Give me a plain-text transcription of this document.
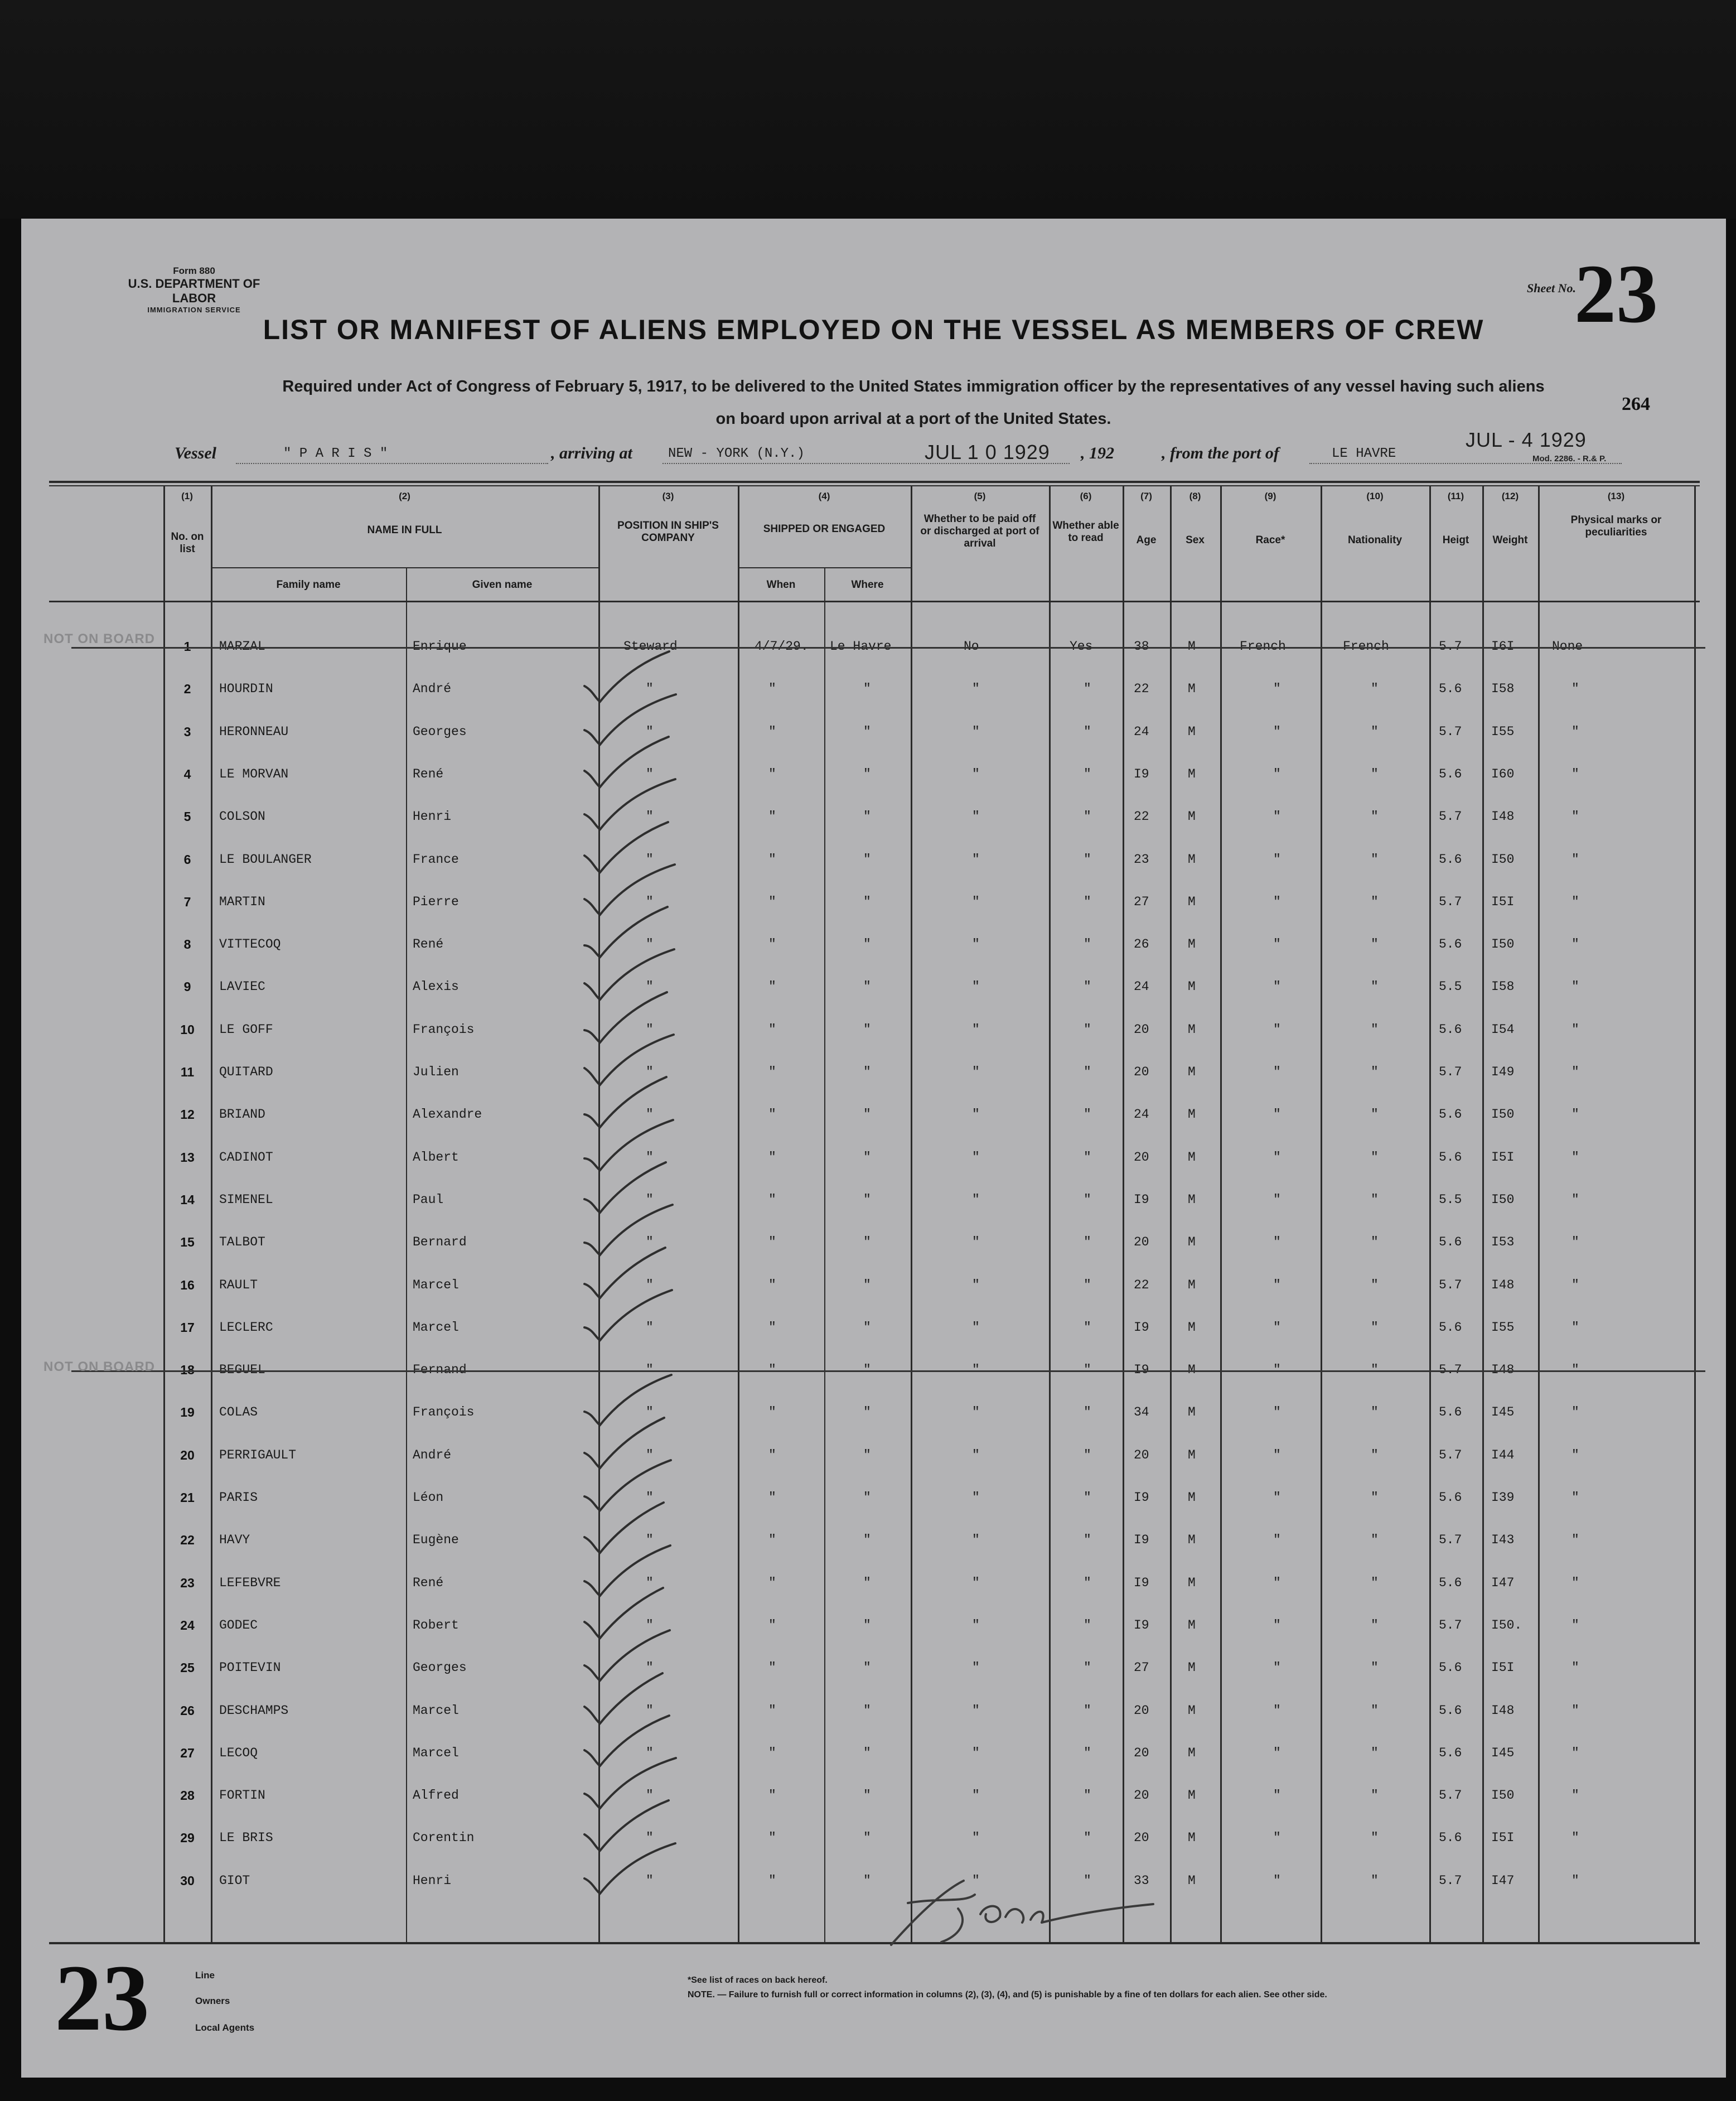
Form 880
U.S. DEPARTMENT OF LABOR
IMMIGRATION SERVICE
Sheet No.
23
LIST OR MANIFEST OF ALIENS EMPLOYED ON THE VESSEL AS MEMBERS OF CREW
Required under Act of Congress of February 5, 1917, to be delivered to the United States immigration officer by the representatives of any vessel having such aliens
on board upon arrival at a port of the United States.
264
Vessel	" P A R I S "	, arriving at	NEW - YORK (N.Y.)	JUL 1 0 1929 , 192	, from the port of	LE HAVRE
JUL - 4 1929
Mod. 2286. - R.& P.
(1)
No. on list
(2)
NAME IN FULL
Family name	Given name
(3)
POSITION IN SHIP'S COMPANY
(4)
SHIPPED OR ENGAGED
When	Where
(5)
Whether to be paid off or discharged at port of arrival
(6)
Whether able to read
(7)
Age
(8)
Sex
(9)
Race*
(10)
Nationality
(11)
Heigt
(12)
Weight
(13)
Physical marks or peculiarities
1	MARZAL	Enrique	Steward	4/7/29. Le Havre	No	Yes	38	M	French	French	5.7 I6I	None
2	HOURDIN	André	"	"	"	"	"	22	M	"	"	5.6 I58	"
3	HERONNEAU	Georges	"	"	"	"	"	24	M	"	"	5.7 I55	"
4	LE MORVAN	René	"	"	"	"	"	I9	M	"	"	5.6 I60	"
5	COLSON	Henri	"	"	"	"	"	22	M	"	"	5.7 I48	"
6	LE BOULANGER	France	"	"	"	"	"	23	M	"	"	5.6 I50	"
7	MARTIN	Pierre	"	"	"	"	"	27	M	"	"	5.7 I5I	"
8	VITTECOQ	René	"	"	"	"	"	26	M	"	"	5.6 I50	"
9	LAVIEC	Alexis	"	"	"	"	"	24	M	"	"	5.5 I58	"
10	LE GOFF	François	"	"	"	"	"	20	M	"	"	5.6 I54	"
11	QUITARD	Julien	"	"	"	"	"	20	M	"	"	5.7 I49	"
12	BRIAND	Alexandre	"	"	"	"	"	24	M	"	"	5.6 I50	"
13	CADINOT	Albert	"	"	"	"	"	20	M	"	"	5.6 I5I	"
14	SIMENEL	Paul	"	"	"	"	"	I9	M	"	"	5.5 I50	"
15	TALBOT	Bernard	"	"	"	"	"	20	M	"	"	5.6 I53	"
16	RAULT	Marcel	"	"	"	"	"	22	M	"	"	5.7 I48	"
17	LECLERC	Marcel	"	"	"	"	"	I9	M	"	"	5.6 I55	"
18	BEGUEL	Fernand	"	"	"	"	"	I9	M	"	"	5.7 I48	"
19	COLAS	François	"	"	"	"	"	34	M	"	"	5.6 I45	"
20	PERRIGAULT	André	"	"	"	"	"	20	M	"	"	5.7 I44	"
21	PARIS	Léon	"	"	"	"	"	I9	M	"	"	5.6 I39	"
22	HAVY	Eugène	"	"	"	"	"	I9	M	"	"	5.7 I43	"
23	LEFEBVRE	René	"	"	"	"	"	I9	M	"	"	5.6 I47	"
24	GODEC	Robert	"	"	"	"	"	I9	M	"	"	5.7 I50.	"
25	POITEVIN	Georges	"	"	"	"	"	27	M	"	"	5.6 I5I	"
26	DESCHAMPS	Marcel	"	"	"	"	"	20	M	"	"	5.6 I48	"
27	LECOQ	Marcel	"	"	"	"	"	20	M	"	"	5.6 I45	"
28	FORTIN	Alfred	"	"	"	"	"	20	M	"	"	5.7 I50	"
29	LE BRIS	Corentin	"	"	"	"	"	20	M	"	"	5.6 I5I	"
30	GIOT	Henri	"	"	"	"	"	33	M	"	"	5.7 I47	"
NOT ON BOARD
NOT ON BOARD
23	Line
Owners
Local Agents
*See list of races on back hereof.
NOTE. — Failure to furnish full or correct information in columns (2), (3), (4), and (5) is punishable by a fine of ten dollars for each alien. See other side.
J Heur
